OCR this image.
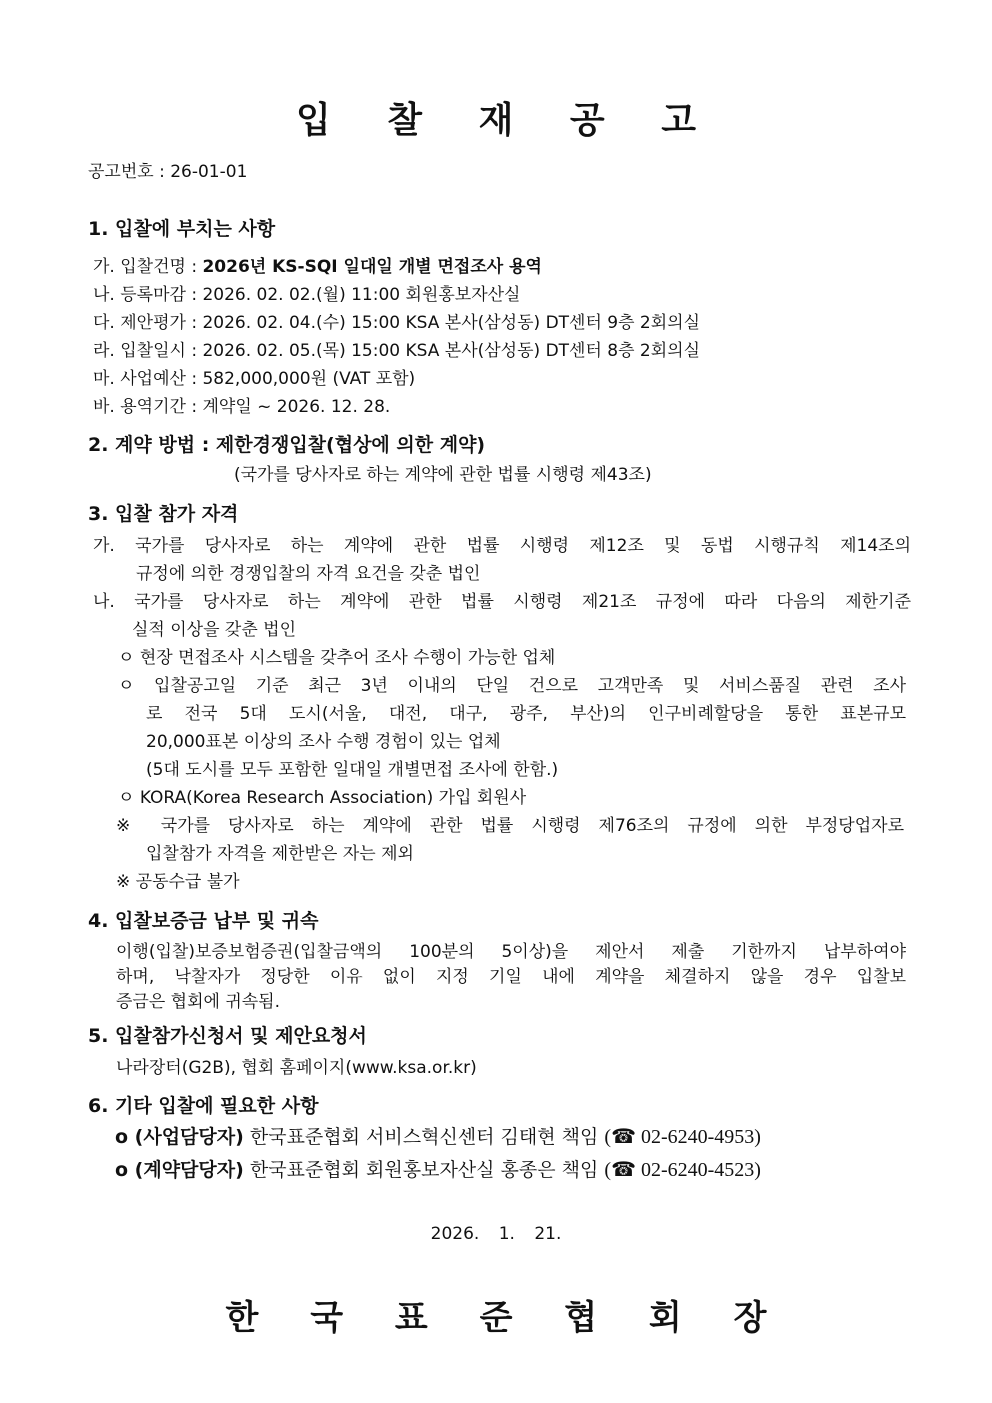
입 찰 재 공 고
공고번호 : 26-01-01
1. 입찰에 부치는 사항
가. 입찰건명 : 2026년 KS-SQI 일대일 개별 면접조사 용역
나. 등록마감 : 2026. 02. 02.(월) 11:00 회원홍보자산실
다. 제안평가 : 2026. 02. 04.(수) 15:00 KSA 본사(삼성동) DT센터 9층 2회의실
라. 입찰일시 : 2026. 02. 05.(목) 15:00 KSA 본사(삼성동) DT센터 8층 2회의실
마. 사업예산 : 582,000,000원 (VAT 포함)
바. 용역기간 : 계약일 ~ 2026. 12. 28.
2. 계약 방법 : 제한경쟁입찰(협상에 의한 계약)
(국가를 당사자로 하는 계약에 관한 법률 시행령 제43조)
3. 입찰 참가 자격
가. 국가를 당사자로 하는 계약에 관한 법률 시행령 제12조 및 동법 시행규칙 제14조의
규정에 의한 경쟁입찰의 자격 요건을 갖춘 법인
나. 국가를 당사자로 하는 계약에 관한 법률 시행령 제21조 규정에 따라 다음의 제한기준
실적 이상을 갖춘 법인
ㅇ 현장 면접조사 시스템을 갖추어 조사 수행이 가능한 업체
ㅇ 입찰공고일 기준 최근 3년 이내의 단일 건으로 고객만족 및 서비스품질 관련 조사
로 전국 5대 도시(서울, 대전, 대구, 광주, 부산)의 인구비례할당을 통한 표본규모
20,000표본 이상의 조사 수행 경험이 있는 업체
(5대 도시를 모두 포함한 일대일 개별면접 조사에 한함.)
ㅇ KORA(Korea Research Association) 가입 회원사
※ 국가를 당사자로 하는 계약에 관한 법률 시행령 제76조의 규정에 의한 부정당업자로
입찰참가 자격을 제한받은 자는 제외
※ 공동수급 불가
4. 입찰보증금 납부 및 귀속
이행(입찰)보증보험증권(입찰금액의 100분의 5이상)을 제안서 제출 기한까지 납부하여야
하며, 낙찰자가 정당한 이유 없이 지정 기일 내에 계약을 체결하지 않을 경우 입찰보
증금은 협회에 귀속됨.
5. 입찰참가신청서 및 제안요청서
나라장터(G2B), 협회 홈페이지(www.ksa.or.kr)
6. 기타 입찰에 필요한 사항
o (사업담당자) 한국표준협회 서비스혁신센터 김태현 책임 (☎ 02-6240-4953)
o (계약담당자) 한국표준협회 회원홍보자산실 홍종은 책임 (☎ 02-6240-4523)
2026. 1. 21.
한 국 표 준 협 회 장
